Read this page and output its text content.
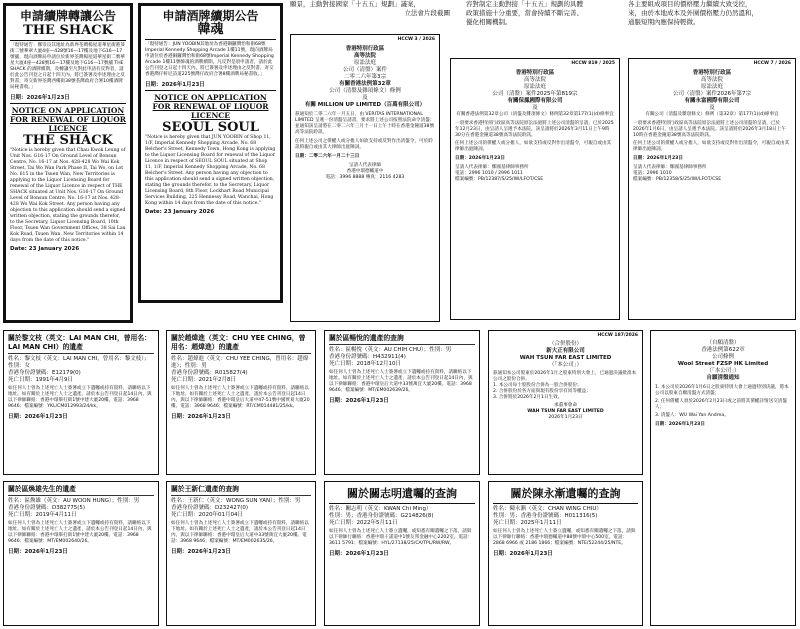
願景，主動對接國家「十五五」規劃」議案，
立法會片段截圖
容對制定主動對接「十五五」規劃的具體
政策措施十分重要，當會持續不斷完善、
優化相關機制。
各主要組成項目的價格壓力繼續大致受控，
來，由於本地成本及外圍價格壓力仍然溫和，
通脹短期內應保持輕微。
申請續牌轉讓公告
THE SHACK
「現特通告：鄭崇良其地址為新界荃灣楊屋道華星街港葵街二號華翠大廈4座—428號16—17樓及地下G16—17號舖，現向酒牌局申請位於新界荃灣楊屋道華星街二號華星大廈4座—428號16—17樓及地下G16—17號舖 THE SHACK 的酒牌續期，及轉讓至凡對此申請有反對者，請於此公告刊登之日起十四天內，將已簽署及申述理由之反對書，寄交新界荃灣西樓街38號荃灣政府合署10樓酒牌局秘書收。」
日期：2026年1月23日
NOTICE ON APPLICATION FOR RENEWAL OF LIQUOR LICENCE
THE SHACK
"Notice is hereby given that Chau Kwok Leung of Unit Nos. G16-17 On Ground Level of Bonsun Centre, No. 16-17 at Nos. 428-428 Wo Wai Kok Street, Tai Wo Wan Park Phase II, Tai Wo, on Lot No. 615 in the Tsuen Wan, New Territories is applying to the Liquor Licensing Board for renewal of the Liquor Licence in respect of THE SHACK situated at Unit Nos. G16-17 On Ground Level of Bonsun Centre, No. 16-17 at Nos. 428-428 Wo Wai Kok Street. Any person having any objection to this application should send a signed written objection, stating the grounds therefor, to the Secretary, Liquor Licensing Board, 10th Floor, Tsuen Wan Government Offices, 38 Sai Lau Kok Road, Tsuen Wan, New Territories within 14 days from the date of this notice."
Date: 23 January 2026
申請酒牌續期公告
韓魂
「現特通告：JUN YOOBIN其地址為香港銅鑼灣怡和街68號Imperial Kennedy Shopping Arcade 1樓11號，現向酒牌局申請位於香港銅鑼灣怡和街68號Imperial Kennedy Shopping Arcade 1樓11號韓魂的酒牌續期。凡反對是項申請者，請於此公告刊登之日起十四天內，將已簽署及申述理由之反對書，寄交香港灣仔軒尼詩道225號灣仔政府合署8樓酒牌局秘書收。」
日期：2026年1月23日
NOTICE ON APPLICATION FOR RENEWAL OF LIQUOR LICENCE
SEOUL SOUL
"Notice is hereby given that JUN YOOBIN of Shop 11, 1/F, Imperial Kennedy Shopping Arcade, No. 68 Belcher's Street, Kennedy Town, Hong Kong is applying to the Liquor Licensing Board for renewal of the Liquor Licence in respect of SEOUL SOUL situated at Shop 11, 1/F, Imperial Kennedy Shopping Arcade, No. 68 Belcher's Street. Any person having any objection to this application should send a signed written objection, stating the grounds therefor, to the Secretary, Liquor Licensing Board, 8th Floor, Lockhart Road Municipal Services Building, 225 Hennessy Road, Wanchai, Hong Kong within 14 days from the date of this notice."
Date: 23 January 2026
HCCW 3 / 2026
香港特別行政區
高等法院
原訟法庭
公司（清盤）案件
二零二六年第3宗
有關香港法例第32章
公司（清盤及雜項條文）條例
及
有關 MILLION UP LIMITED（百萬有限公司）
茲通知於二零二六年一月五日，由 VERITAS INTERNATIONAL LIMITED 呈遞一份清盤呈請書，要求將上述公司按照法院命令清盤；並通知該呈請將在二零二六年三月十一日上午十時在香港金鐘道38號高等法院聆訊。
任何上述公司之債權人或分擔人如欲支持或反對作出清盤令，可於聆訊時親自或由其大律師出庭陳詞。
日期：二零二六年一月二十三日
呈請人代表律師
香港中環德輔道中
電話：3996 8888 傳真：2116 4283
HCCW 819 / 2025
香港特別行政區
高等法院
原訟法庭
公司（清盤）案件2025年第819宗
有關保鳳國際有限公司
及
有關香港法例第32章公司（清盤及雜項條文）條例第32章第177(1)(d)條事宜
一項要求香港特別行政區高等法院原訟法庭將上述公司清盤的呈請，已於2025年12月23日，由呈請人呈遞予本法院。該呈請將於2026年3月11日上午9時30分在香港金鐘道38號高等法院聆訊。
任何上述公司的債權人或分擔人，如欲支持或反對作出清盤令，可親自或由其律師出庭陳詞。
日期：2026年1月23日
呈請人代表律師：鄭國基律師事務所
電話：2996 1010 / 2996 1011
檔案編號：PB/12387/S/25/IW/LFOT/CSE
HCCW 7 / 2026
香港特別行政區
高等法院
原訟法庭
公司（清盤）案件2026年第7宗
有關永富國際有限公司
及
有關公司（清盤及雜項條文）條例（第32章）第177(1)(d)條事宜
一項要求香港特別行政區高等法院原訟法庭將上述公司清盤的呈請，已於2026年1月6日，由呈請人呈遞予本法院。該呈請將於2026年3月18日上午10時在香港金鐘道38號高等法院聆訊。
任何上述公司的債權人或分擔人，如欲支持或反對作出清盤令，可親自或由其律師出庭陳詞。
日期：2026年1月23日
呈請人代表律師：鄭國基律師事務所
電話：2996 1010
檔案編號：PB/12358/S/25/IW/LFOT/CSE
關於黎文枝（英文：LAI MAN CHI，曾用名：LAI MAN CHI）的遺產
姓名：黎文枝（英文：LAI MAN CHI，曾用名：黎文枝）；性別：女
香港身份證號碼：E12179(0)
死亡日期：1991年4月9日
如任何人士曾為上述死亡人士簽署或立下遺囑或持有資料，請聯絡以下地址。如有關於上述死亡人士之遺產，請於本公告刊登日起14日內，與以下律師聯絡：香港中環畢打街1號中建大廈20樓。電話：3968 9646；檔案編號：YKL/CM012993/24/kk。
日期：2026年1月23日
關於趙煒進（英文：CHU YEE CHING，曾用名：趙煒進）的遺產
姓名：趙煒進（英文：CHU YEE CHING，曾用名：趙煒進）；性別：男
香港身份證號碼：R015827(4)
死亡日期：2021年2月8日
如任何人士曾為上述死亡人士簽署或立下遺囑或持有資料，請聯絡以下地址。如有關於上述死亡人士之遺產，請於本公告刊登日起14日內，與以下律師聯絡：香港中環皇后大道中47-51號中國貿易大廈20樓。電話：3968 9646；檔案編號：RT/CM014481/25/kk。
日期：2026年1月23日
關於區暢悅的遺產的查詢
姓名：區暢悅（英文：AU CHIH CHU）；性別：男
香港身份證號碼：H432911(4)
死亡日期：2018年12月10日
如任何人士曾為上述死亡人士簽署或立下遺囑或持有資料，請聯絡以下地址。如有關於上述死亡人士之遺產，請於本公告刊登日起14日內，與以下律師聯絡：香港中環皇后大道中33號萬宜大廈20樓。電話：3968 9646；檔案編號：MT/EM002639/26。
日期：2026年1月23日
HCCW 187/2026
（合併股份）
新大正有限公司
WAH TSUN FAR EAST LIMITED
（「本公司」）
茲通知本公司股東於2026年1月之股東特別大會上，已通過決議批准本公司之股份合併。
1. 本公司每十股股份合併為一股合併股份；
2. 合併股份於各方面與現有股份享有同等權益；
3. 合併將於2026年2月1日生效。
承董事會命
WAH TSUN FAR EAST LIMITED
2026年1月23日
關於區煥雄先生的遺產
姓名：區煥雄（英文：AU WOON HUNG）；性別：男
香港身份證號碼：D382775(5)
死亡日期：2019年4月11日
如任何人士曾為上述死亡人士簽署或立下遺囑或持有資料，請聯絡以下地址。如有關於上述死亡人士之遺產，請於本公告刊登日起14日內，與以下律師聯絡：香港中環畢打街1號中建大廈20樓。電話：3968 9646；檔案編號：MT/EM002640/26。
日期：2026年1月23日
關於王新仁遺產的查詢
姓名：王新仁（英文：WONG SUN YAN）；性別：男
香港身份證號碼：D232427(0)
死亡日期：2020年01月04日
如任何人士曾為上述死亡人士簽署或立下遺囑或持有資料，請聯絡以下地址。如有關於上述死亡人士之遺產，請於本公告刊登日起14日內，與以下律師聯絡：香港中環皇后大道中33號萬宜大廈20樓。電話：3968 9646；檔案編號：MT/EM002635/26。
日期：2026年1月23日
關於關志明遺囑的查詢
姓名：關志明（英文：KWAN Chi Ming）
性別：男；香港身份證號碼：G214826(8)
死亡日期：2022年5月11日
如任何人士曾為上述死亡人士簽立遺囑，或知悉有關遺囑之下落，請與以下律師行聯絡：香港中環干諾道中1號友邦金融中心2202室。電話：3611 5791；檔案編號：HYL/27138/25/CA/TPL/RW/RW。
日期：2026年1月23日
關於陳永漸遺囑的查詢
姓名：陳永漸（英文：CHAN WING CHIU）
性別：男；香港身份證號碼：H011316(5)
死亡日期：2025年1月11日
如任何人士曾為上述死亡人士簽立遺囑，或知悉有關遺囑之下落，請與以下律師行聯絡：香港中環德輔道中88號中環中心500室。電話：2868 6966 或 2186 1866；檔案編號：NTE/52244/25/NTE。
日期：2026年1月23日
（自願清盤）
香港法例第622章
公司條例
Wool Street FZSP HK Limited
（「本公司」）
自願清盤通知
1. 本公司於2026年1月6日之股東特別大會上通過特別決議，將本公司以股東自願清盤方式清盤；
2. 任何債權人須於2026年2月23日或之前將其債權詳情送交清盤人；
3. 清盤人：WU Wai Yan Andrea。
日期：2026年1月23日
